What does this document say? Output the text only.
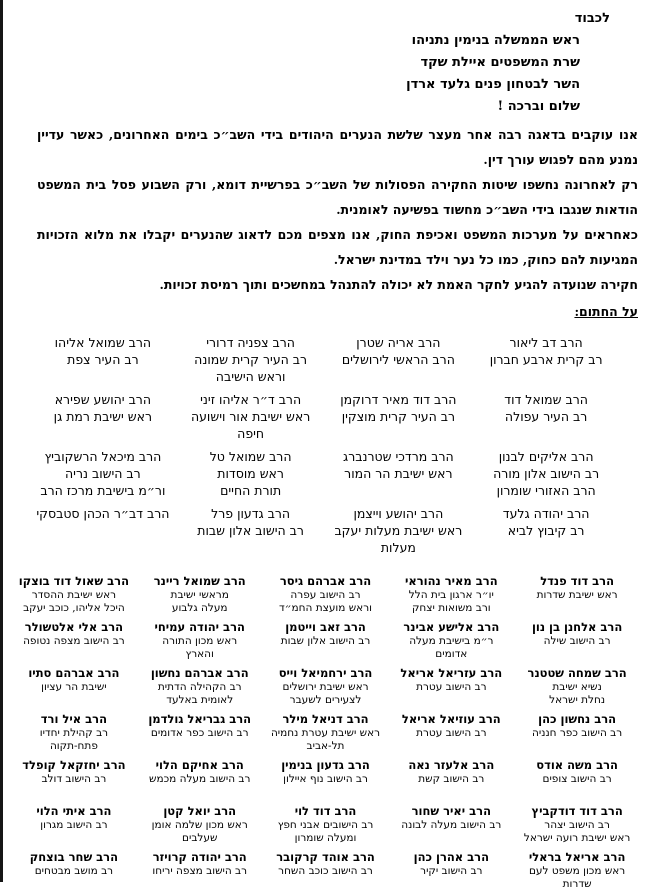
לכבוד
ראש הממשלה בנימין נתניהו
שרת המשפטים איילת שקד
השר לבטחון פנים גלעד ארדן
שלום וברכה !

אנו עוקבים בדאגה רבה אחר מעצר שלשת הנערים היהודים בידי השב״כ בימים האחרונים, כאשר עדיין נמנע מהם לפגוש עורך דין.

רק לאחרונה נחשפו שיטות החקירה הפסולות של השב״כ בפרשיית דומא, ורק השבוע פסל בית המשפט הודאות שנגבו בידי השב״כ מחשוד בפשיעה לאומנית.

כאחראים על מערכות המשפט ואכיפת החוק, אנו מצפים מכם לדאוג שהנערים יקבלו את מלוא הזכויות המגיעות להם כחוק, כמו כל נער וילד במדינת ישראל.

חקירה שנועדה להגיע לחקר האמת לא יכולה להתנהל במחשכים ותוך רמיסת זכויות.

על החתום:
הרב דב ליאור
רב קרית ארבע חברון
הרב אריה שטרן
הרב הראשי לירושלים
הרב צפניה דרורי
רב העיר קרית שמונה
וראש הישיבה
הרב שמואל אליהו
רב העיר צפת
הרב שמואל דוד
רב העיר עפולה
הרב דוד מאיר דרוקמן
רב העיר קרית מוצקין
הרב ד״ר אליהו זיני
ראש ישיבת אור וישועה
חיפה
הרב יהושע שפירא
ראש ישיבת רמת גן
הרב אליקים לבנון
רב הישוב אלון מורה
הרב האזורי שומרון
הרב מרדכי שטרנברג
ראש ישיבת הר המור
הרב שמואל טל
ראש מוסדות
תורת החיים
הרב מיכאל הרשקוביץ
רב הישוב נריה
ור״מ בישיבת מרכז הרב
הרב יהודה גלעד
רב קיבוץ לביא
הרב יהושע וייצמן
ראש ישיבת מעלות יעקב
מעלות
הרב גדעון פרל
רב הישוב אלון שבות
הרב דב״ר הכהן סטבסקי
הרב דוד פנדל
ראש ישיבת שדרות
הרב מאיר נהוראי
יו״ר ארגון בית הלל
ורב משואות יצחק
הרב אברהם גיסר
רב הישוב עפרה
וראש מועצת החמ״ד
הרב שמואל ריינר
מראשי ישיבת
מעלה גלבוע
הרב שאול דוד בוצקו
ראש ישיבת ההסדר
היכל אליהו, כוכב יעקב
הרב אלחנן בן נון
רב הישוב שילה
הרב אלישע אבינר
ר״מ בישיבת מעלה
אדומים
הרב זאב וייטמן
רב הישוב אלון שבות
הרב יהודה עמיחי
ראש מכון התורה
והארץ
הרב אלי אלטשולר
רב הישוב מצפה נטופה
הרב שמחה שטטנר
נשיא ישיבת
נחלת ישראל
הרב עזריאל אריאל
רב הישוב עטרת
הרב ירחמיאל וייס
ראש ישיבת ירושלים
לצעירים לשעבר
הרב אברהם נחשון
רב הקהילה הדתית
לאומית באלעד
הרב אברהם סתיו
ישיבת הר עציון
הרב נחשון כהן
רב הישוב כפר חנניה
הרב עוזיאל אריאל
רב הישוב עטרת
הרב דניאל מילר
ראש ישיבת עטרת נחמיה
תל-אביב
הרב גבריאל גולדמן
רב הישוב כפר אדומים
הרב איל ורד
רב קהילת יחדיו
פתח-תקוה
הרב משה אודס
רב הישוב צופים
הרב אלעזר נאה
רב הישוב קשת
הרב גדעון בנימין
רב הישוב נוף איילון
הרב אחיקם הלוי
רב הישוב מעלה מכמש
הרב יחזקאל קופלד
רב הישוב דולב
הרב דוד דודקביץ
רב הישוב יצהר
ראש ישיבת רועה ישראל
הרב יאיר שחור
רב הישוב מעלה לבונה
הרב דוד לוי
רב הישובים אבני חפץ
ומעלה שומרון
הרב יואל קטן
ראש מכון שלמה אומן
שעלבים
הרב איתי הלוי
רב הישוב מגרון
הרב אריאל בראלי
ראש מכון משפט לעם
שדרות
הרב אהרן כהן
רב הישוב יקיר
הרב אוהד קרקובר
רב הישוב כוכב השחר
הרב יהודה קרויזר
רב הישוב מצפה יריחו
הרב שחר בוצחק
רב מושב מבטחים
